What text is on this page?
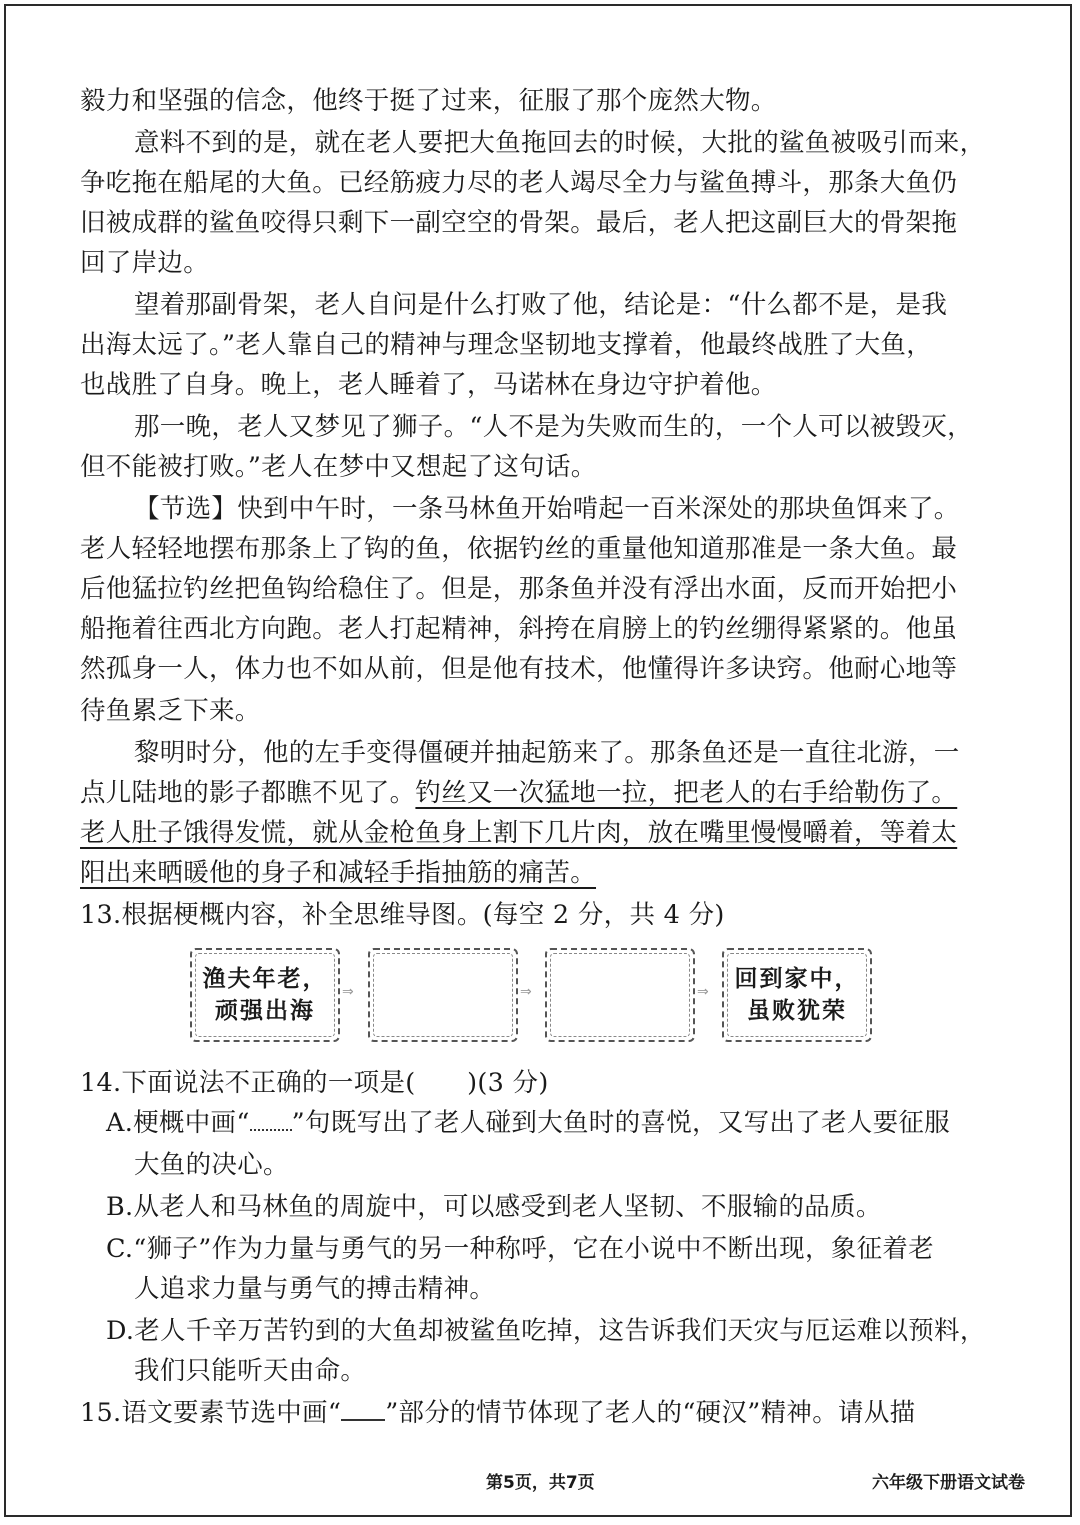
毅力和坚强的信念，他终于挺了过来，征服了那个庞然大物。
意料不到的是，就在老人要把大鱼拖回去的时候，大批的鲨鱼被吸引而来，
争吃拖在船尾的大鱼。已经筋疲力尽的老人竭尽全力与鲨鱼搏斗，那条大鱼仍
旧被成群的鲨鱼咬得只剩下一副空空的骨架。最后，老人把这副巨大的骨架拖
回了岸边。
望着那副骨架，老人自问是什么打败了他，结论是：“什么都不是，是我
出海太远了。”老人靠自己的精神与理念坚韧地支撑着，他最终战胜了大鱼，
也战胜了自身。晚上，老人睡着了，马诺林在身边守护着他。
那一晚，老人又梦见了狮子。“人不是为失败而生的，一个人可以被毁灭，
但不能被打败。”老人在梦中又想起了这句话。
【节选】快到中午时，一条马林鱼开始啃起一百米深处的那块鱼饵来了。
老人轻轻地摆布那条上了钩的鱼，依据钓丝的重量他知道那准是一条大鱼。最
后他猛拉钓丝把鱼钩给稳住了。但是，那条鱼并没有浮出水面，反而开始把小
船拖着往西北方向跑。老人打起精神，斜挎在肩膀上的钓丝绷得紧紧的。他虽
然孤身一人，体力也不如从前，但是他有技术，他懂得许多诀窍。他耐心地等
待鱼累乏下来。
黎明时分，他的左手变得僵硬并抽起筋来了。那条鱼还是一直往北游，一
点儿陆地的影子都瞧不见了。钓丝又一次猛地一拉，把老人的右手给勒伤了。
老人肚子饿得发慌，就从金枪鱼身上割下几片肉，放在嘴里慢慢嚼着，等着太
阳出来晒暖他的身子和减轻手指抽筋的痛苦。
13.根据梗概内容，补全思维导图。(每空 2 分，共 4 分)
14.下面说法不正确的一项是(　　)(3 分)
A.梗概中画“ ”句既写出了老人碰到大鱼时的喜悦，又写出了老人要征服
大鱼的决心。
B.从老人和马林鱼的周旋中，可以感受到老人坚韧、不服输的品质。
C.“狮子”作为力量与勇气的另一种称呼，它在小说中不断出现，象征着老
人追求力量与勇气的搏击精神。
D.老人千辛万苦钓到的大鱼却被鲨鱼吃掉，这告诉我们天灾与厄运难以预料，
我们只能听天由命。
15.语文要素节选中画“ ”部分的情节体现了老人的“硬汉”精神。请从描
渔夫年老，
顽强出海
⇒	⇒	⇒	回到家中，
虽败犹荣
第5页，共7页	六年级下册语文试卷
